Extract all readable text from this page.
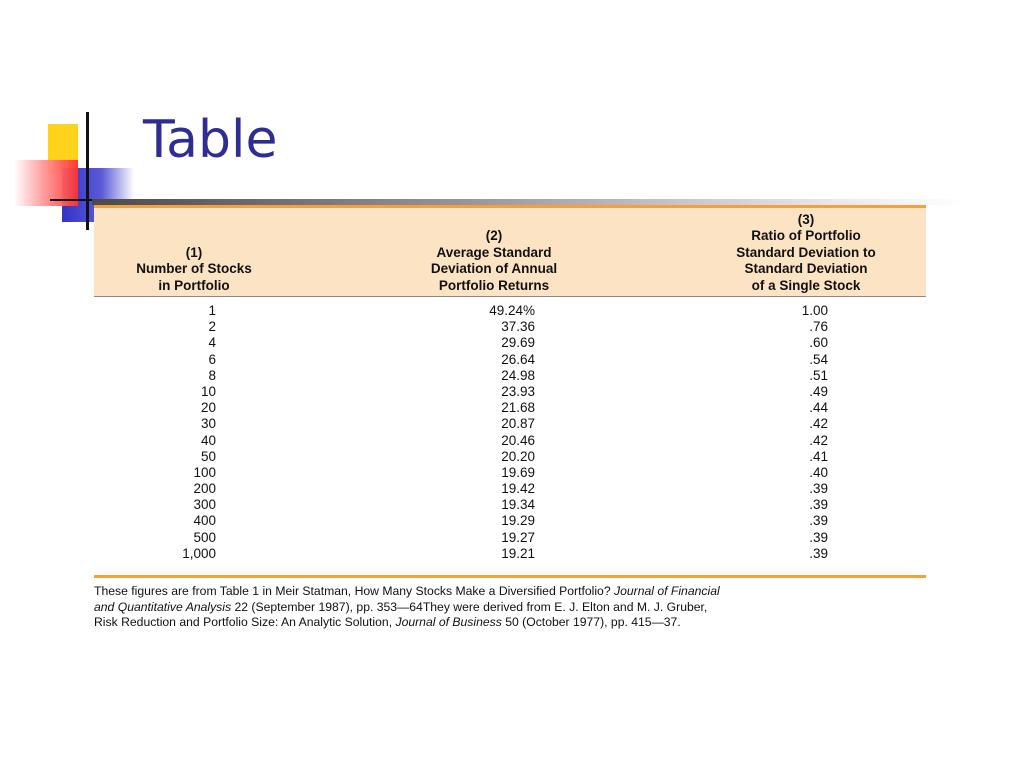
Table
(1)
Number of Stocks
in Portfolio
(2)
Average Standard
Deviation of Annual
Portfolio Returns
(3)
Ratio of Portfolio
Standard Deviation to
Standard Deviation
of a Single Stock
1	49.24%	1.00
2	37.36	.76
4	29.69	.60
6	26.64	.54
8	24.98	.51
10	23.93	.49
20	21.68	.44
30	20.87	.42
40	20.46	.42
50	20.20	.41
100	19.69	.40
200	19.42	.39
300	19.34	.39
400	19.29	.39
500	19.27	.39
1,000	19.21	.39
These figures are from Table 1 in Meir Statman, How Many Stocks Make a Diversified Portfolio? Journal of Financial
and Quantitative Analysis 22 (September 1987), pp. 353—64They were derived from E. J. Elton and M. J. Gruber,
Risk Reduction and Portfolio Size: An Analytic Solution, Journal of Business 50 (October 1977), pp. 415—37.
